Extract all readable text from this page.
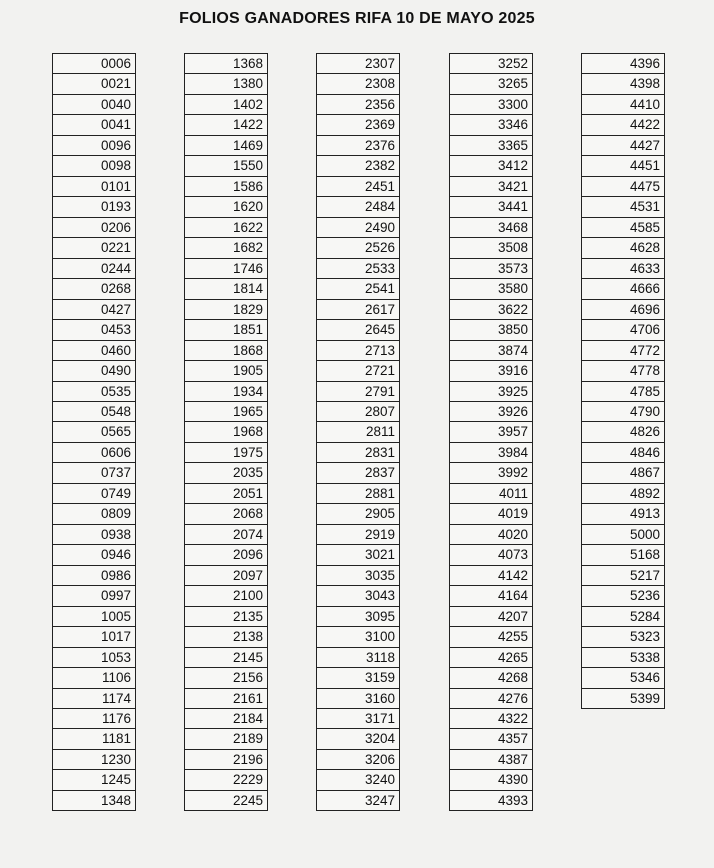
FOLIOS GANADORES RIFA 10 DE MAYO 2025
0006
0021
0040
0041
0096
0098
0101
0193
0206
0221
0244
0268
0427
0453
0460
0490
0535
0548
0565
0606
0737
0749
0809
0938
0946
0986
0997
1005
1017
1053
1106
1174
1176
1181
1230
1245
1348
1368
1380
1402
1422
1469
1550
1586
1620
1622
1682
1746
1814
1829
1851
1868
1905
1934
1965
1968
1975
2035
2051
2068
2074
2096
2097
2100
2135
2138
2145
2156
2161
2184
2189
2196
2229
2245
2307
2308
2356
2369
2376
2382
2451
2484
2490
2526
2533
2541
2617
2645
2713
2721
2791
2807
2811
2831
2837
2881
2905
2919
3021
3035
3043
3095
3100
3118
3159
3160
3171
3204
3206
3240
3247
3252
3265
3300
3346
3365
3412
3421
3441
3468
3508
3573
3580
3622
3850
3874
3916
3925
3926
3957
3984
3992
4011
4019
4020
4073
4142
4164
4207
4255
4265
4268
4276
4322
4357
4387
4390
4393
4396
4398
4410
4422
4427
4451
4475
4531
4585
4628
4633
4666
4696
4706
4772
4778
4785
4790
4826
4846
4867
4892
4913
5000
5168
5217
5236
5284
5323
5338
5346
5399
